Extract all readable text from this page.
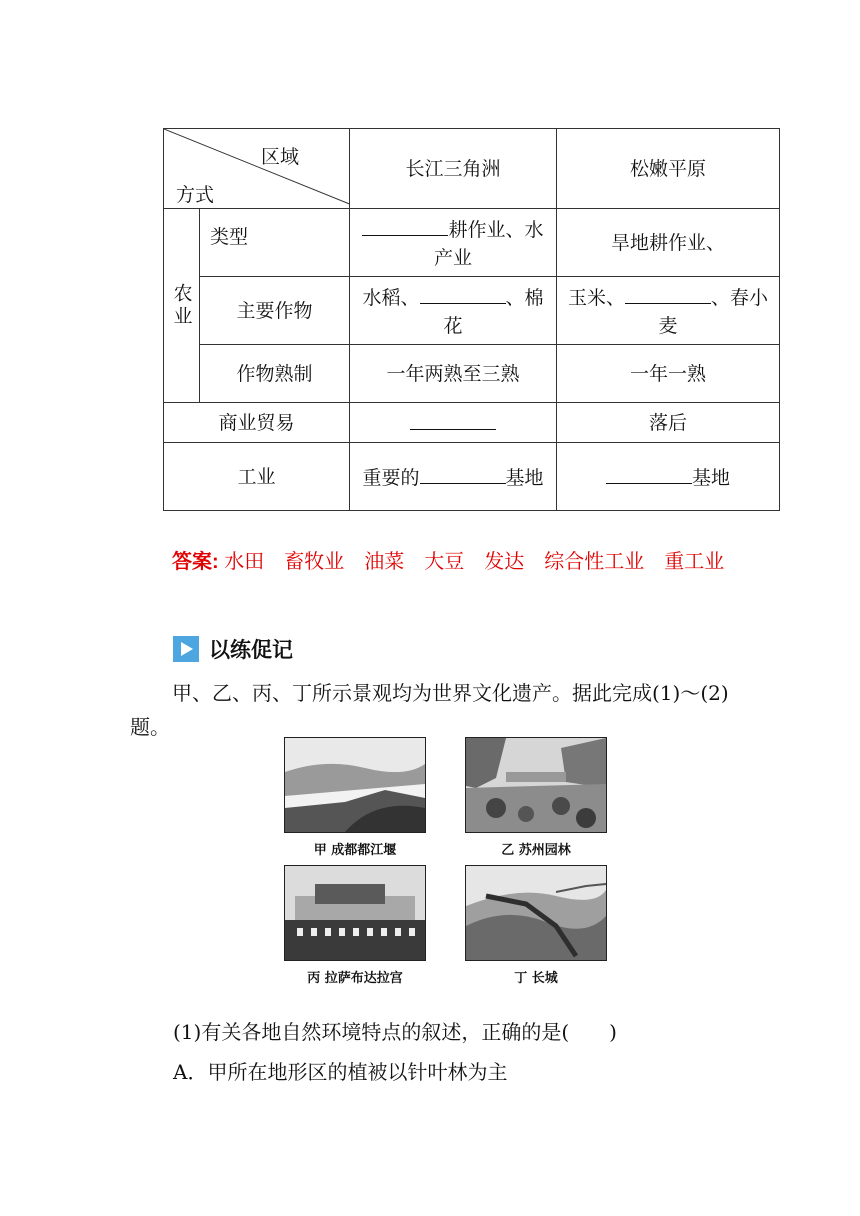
区域
方式		长江三角洲	松嫩平原
农业	类型	耕作业、水产业	旱地耕作业、
	主要作物	水稻、 、棉花	玉米、 、春小麦
	作物熟制	一年两熟至三熟	一年一熟
商业贸易			落后
工业		重要的 基地	基地
答案: 水田　畜牧业　油菜　大豆　发达　综合性工业　重工业
以练促记
甲、乙、丙、丁所示景观均为世界文化遗产。据此完成(1)～(2)题。
甲 成都都江堰	乙 苏州园林
丙 拉萨布达拉宫	丁 长城
(1)有关各地自然环境特点的叙述，正确的是(　　)
A．甲所在地形区的植被以针叶林为主
